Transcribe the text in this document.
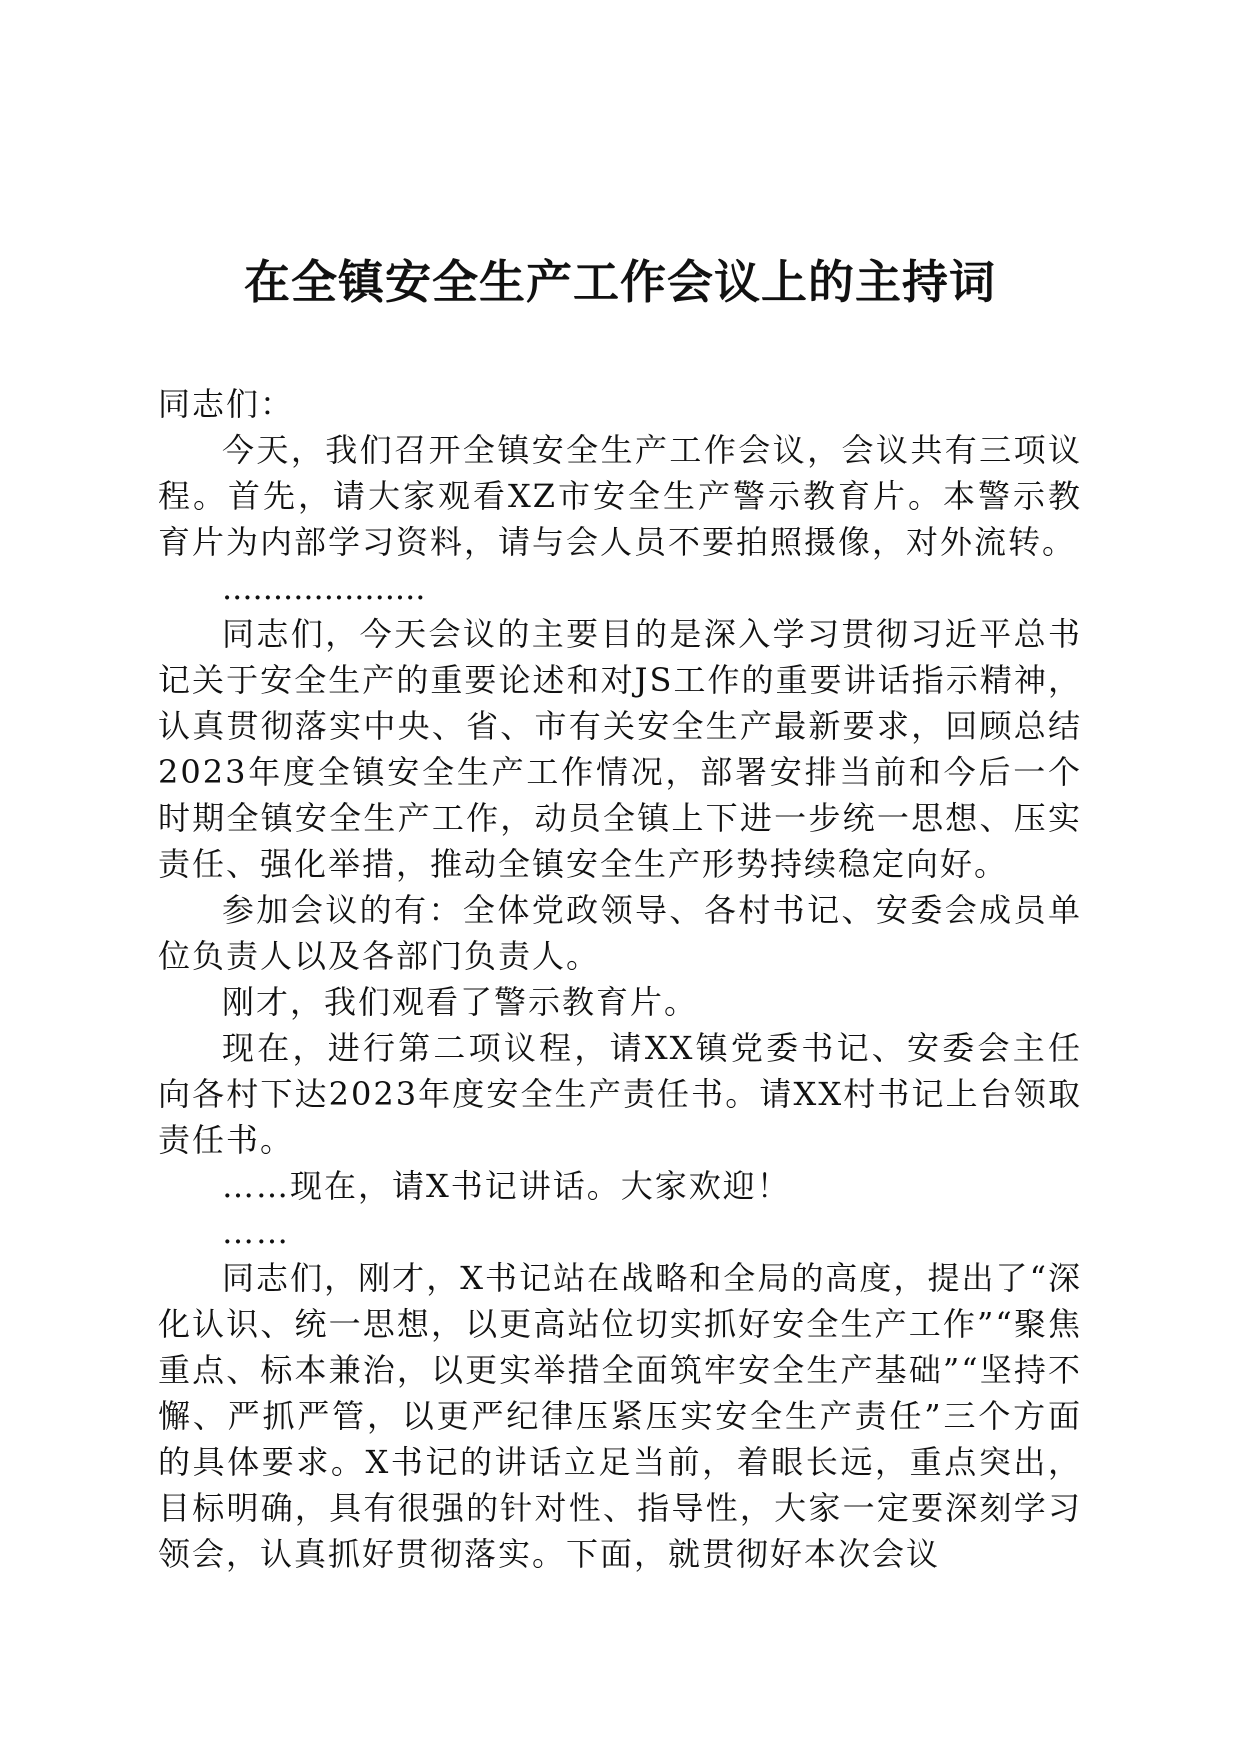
在全镇安全生产工作会议上的主持词

同志们：

今天，我们召开全镇安全生产工作会议，会议共有三项议程。首先，请大家观看XZ市安全生产警示教育片。本警示教育片为内部学习资料，请与会人员不要拍照摄像，对外流转。

....................

同志们，今天会议的主要目的是深入学习贯彻习近平总书记关于安全生产的重要论述和对JS工作的重要讲话指示精神，认真贯彻落实中央、省、市有关安全生产最新要求，回顾总结2023年度全镇安全生产工作情况，部署安排当前和今后一个时期全镇安全生产工作，动员全镇上下进一步统一思想、压实责任、强化举措，推动全镇安全生产形势持续稳定向好。

参加会议的有：全体党政领导、各村书记、安委会成员单位负责人以及各部门负责人。

刚才，我们观看了警示教育片。

现在，进行第二项议程，请XX镇党委书记、安委会主任向各村下达2023年度安全生产责任书。请XX村书记上台领取责任书。

……现在，请X书记讲话。大家欢迎！

……

同志们，刚才，X书记站在战略和全局的高度，提出了“深化认识、统一思想，以更高站位切实抓好安全生产工作”“聚焦重点、标本兼治，以更实举措全面筑牢安全生产基础”“坚持不懈、严抓严管，以更严纪律压紧压实安全生产责任”三个方面的具体要求。X书记的讲话立足当前，着眼长远，重点突出，目标明确，具有很强的针对性、指导性，大家一定要深刻学习领会，认真抓好贯彻落实。下面，就贯彻好本次会议
